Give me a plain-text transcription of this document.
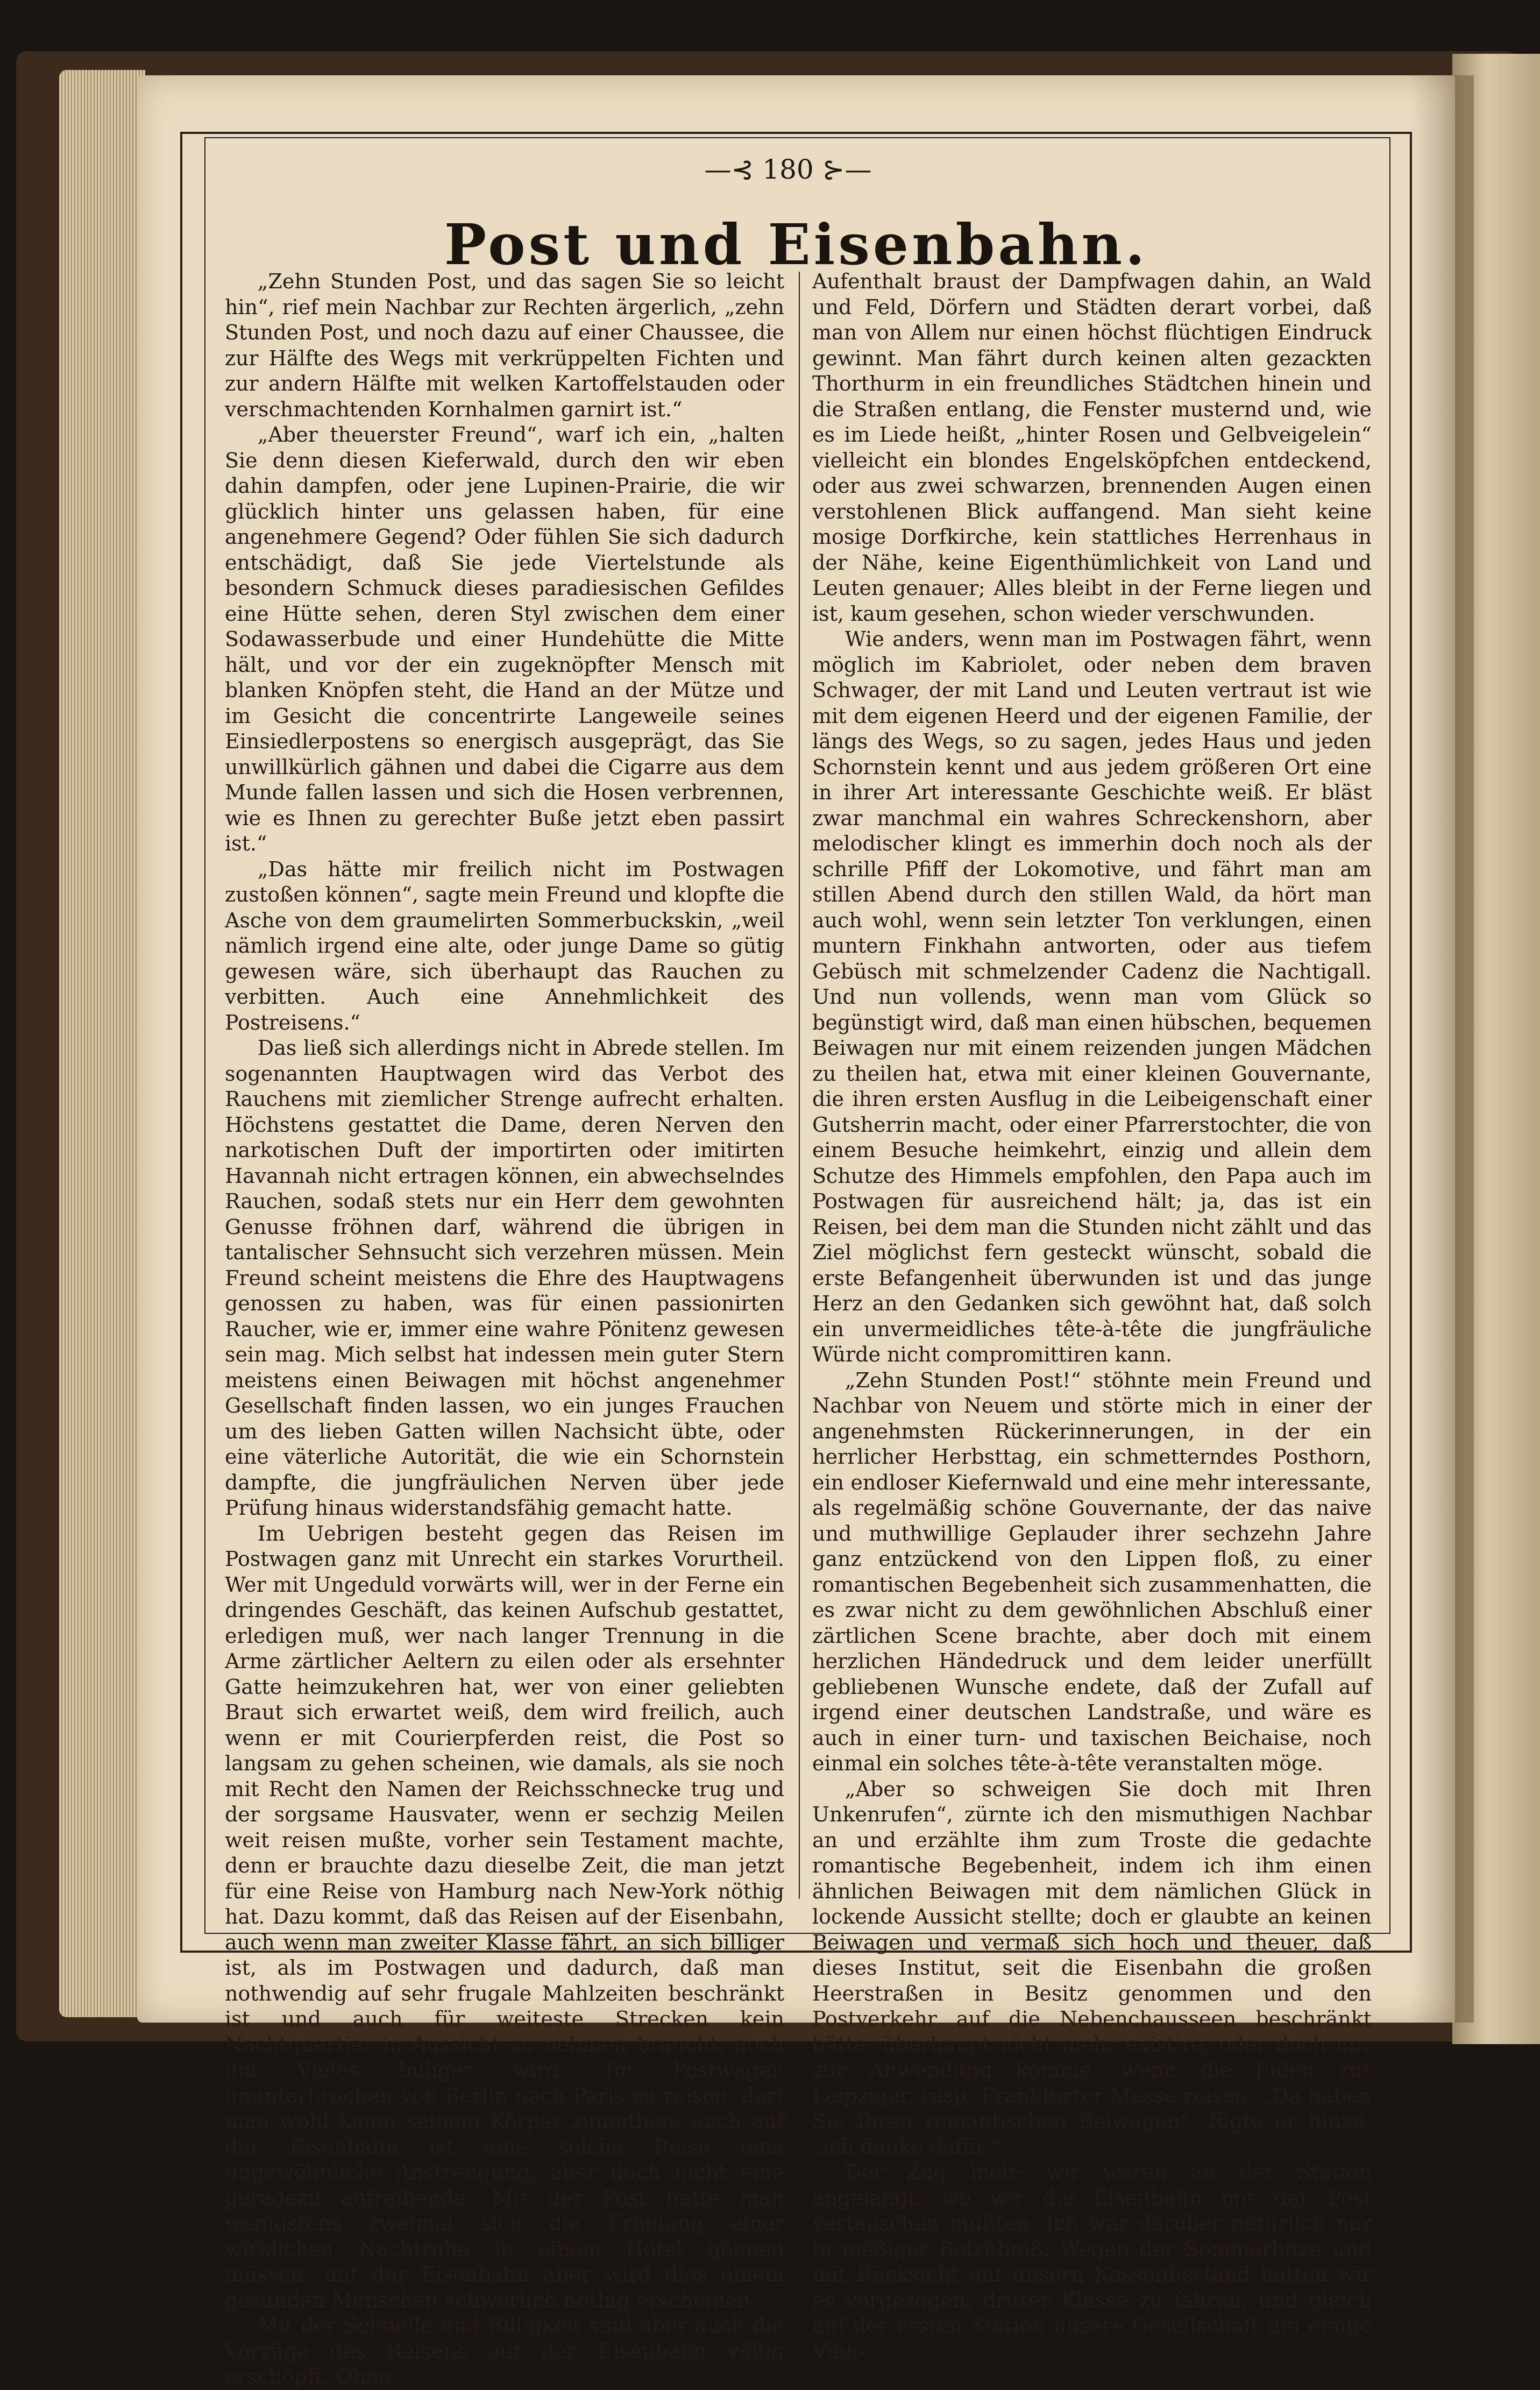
—⊰ 180 ⊱—
Post und Eisenbahn.

„Zehn Stunden Post, und das sagen Sie so leicht hin“, rief mein Nachbar zur Rechten ärgerlich, „zehn Stunden Post, und noch dazu auf einer Chaussee, die zur Hälfte des Wegs mit verkrüppelten Fichten und zur andern Hälfte mit welken Kartoffelstauden oder verschmachtenden Kornhalmen garnirt ist.“

„Aber theuerster Freund“, warf ich ein, „halten Sie denn diesen Kieferwald, durch den wir eben dahin dampfen, oder jene Lupinen-Prairie, die wir glücklich hinter uns gelassen haben, für eine angenehmere Gegend? Oder fühlen Sie sich dadurch entschädigt, daß Sie jede Viertelstunde als besondern Schmuck dieses paradiesischen Gefildes eine Hütte sehen, deren Styl zwischen dem einer Sodawasserbude und einer Hundehütte die Mitte hält, und vor der ein zugeknöpfter Mensch mit blanken Knöpfen steht, die Hand an der Mütze und im Gesicht die concentrirte Langeweile seines Einsiedlerpostens so energisch ausgeprägt, das Sie unwillkürlich gähnen und dabei die Cigarre aus dem Munde fallen lassen und sich die Hosen verbrennen, wie es Ihnen zu gerechter Buße jetzt eben passirt ist.“

„Das hätte mir freilich nicht im Postwagen zustoßen können“, sagte mein Freund und klopfte die Asche von dem graumelirten Sommerbuckskin, „weil nämlich irgend eine alte, oder junge Dame so gütig gewesen wäre, sich überhaupt das Rauchen zu verbitten. Auch eine Annehmlichkeit des Postreisens.“

Das ließ sich allerdings nicht in Abrede stellen. Im sogenannten Hauptwagen wird das Verbot des Rauchens mit ziemlicher Strenge aufrecht erhalten. Höchstens gestattet die Dame, deren Nerven den narkotischen Duft der importirten oder imitirten Havannah nicht ertragen können, ein abwechselndes Rauchen, sodaß stets nur ein Herr dem gewohnten Genusse fröhnen darf, während die übrigen in tantalischer Sehnsucht sich verzehren müssen. Mein Freund scheint meistens die Ehre des Hauptwagens genossen zu haben, was für einen passionirten Raucher, wie er, immer eine wahre Pönitenz gewesen sein mag. Mich selbst hat indessen mein guter Stern meistens einen Beiwagen mit höchst angenehmer Gesellschaft finden lassen, wo ein junges Frauchen um des lieben Gatten willen Nachsicht übte, oder eine väterliche Autorität, die wie ein Schornstein dampfte, die jungfräulichen Nerven über jede Prüfung hinaus widerstandsfähig gemacht hatte.

Im Uebrigen besteht gegen das Reisen im Postwagen ganz mit Unrecht ein starkes Vorurtheil. Wer mit Ungeduld vorwärts will, wer in der Ferne ein dringendes Geschäft, das keinen Aufschub gestattet, erledigen muß, wer nach langer Trennung in die Arme zärtlicher Aeltern zu eilen oder als ersehnter Gatte heimzukehren hat, wer von einer geliebten Braut sich erwartet weiß, dem wird freilich, auch wenn er mit Courierpferden reist, die Post so langsam zu gehen scheinen, wie damals, als sie noch mit Recht den Namen der Reichsschnecke trug und der sorgsame Hausvater, wenn er sechzig Meilen weit reisen mußte, vorher sein Testament machte, denn er brauchte dazu dieselbe Zeit, die man jetzt für eine Reise von Hamburg nach New-York nöthig hat. Dazu kommt, daß das Reisen auf der Eisenbahn, auch wenn man zweiter Klasse fährt, an sich billiger ist, als im Postwagen und dadurch, daß man nothwendig auf sehr frugale Mahlzeiten beschränkt ist und auch für weiteste Strecken kein Nachtquartier in Aussicht zu nehmen braucht, noch um Vieles billiger wird. Im Postwagen ununterbrochen von Berlin nach Paris zu reisen, darf man wohl kaum seinem Körper zumuthen; auch auf der Eisenbahn ist eine solche Reise eine ungewöhnliche Anstrengung, aber doch nicht eine geradezu aufreibende. Mit der Post hätte man wenigstens zweimal sich die Erholung einer wirklichen Nachtruhe in einem Hotel gönnen müssen, mit der Eisenbahn aber wird dies einem gesunden Menschen schwerlich nöthig erscheinen.

Mit der Schnelle und Billigkeit sind aber auch die Vorzüge des Reisens auf der Eisenbahn völlig erschöpft. Ohne

Aufenthalt braust der Dampfwagen dahin, an Wald und Feld, Dörfern und Städten derart vorbei, daß man von Allem nur einen höchst flüchtigen Eindruck gewinnt. Man fährt durch keinen alten gezackten Thorthurm in ein freundliches Städtchen hinein und die Straßen entlang, die Fenster musternd und, wie es im Liede heißt, „hinter Rosen und Gelbveigelein“ vielleicht ein blondes Engelsköpfchen entdeckend, oder aus zwei schwarzen, brennenden Augen einen verstohlenen Blick auffangend. Man sieht keine mosige Dorfkirche, kein stattliches Herrenhaus in der Nähe, keine Eigenthümlichkeit von Land und Leuten genauer; Alles bleibt in der Ferne liegen und ist, kaum gesehen, schon wieder verschwunden.

Wie anders, wenn man im Postwagen fährt, wenn möglich im Kabriolet, oder neben dem braven Schwager, der mit Land und Leuten vertraut ist wie mit dem eigenen Heerd und der eigenen Familie, der längs des Wegs, so zu sagen, jedes Haus und jeden Schornstein kennt und aus jedem größeren Ort eine in ihrer Art interessante Geschichte weiß. Er bläst zwar manchmal ein wahres Schreckenshorn, aber melodischer klingt es immerhin doch noch als der schrille Pfiff der Lokomotive, und fährt man am stillen Abend durch den stillen Wald, da hört man auch wohl, wenn sein letzter Ton verklungen, einen muntern Finkhahn antworten, oder aus tiefem Gebüsch mit schmelzender Cadenz die Nachtigall. Und nun vollends, wenn man vom Glück so begünstigt wird, daß man einen hübschen, bequemen Beiwagen nur mit einem reizenden jungen Mädchen zu theilen hat, etwa mit einer kleinen Gouvernante, die ihren ersten Ausflug in die Leibeigenschaft einer Gutsherrin macht, oder einer Pfarrerstochter, die von einem Besuche heimkehrt, einzig und allein dem Schutze des Himmels empfohlen, den Papa auch im Postwagen für ausreichend hält; ja, das ist ein Reisen, bei dem man die Stunden nicht zählt und das Ziel möglichst fern gesteckt wünscht, sobald die erste Befangenheit überwunden ist und das junge Herz an den Gedanken sich gewöhnt hat, daß solch ein unvermeidliches tête-à-tête die jungfräuliche Würde nicht compromittiren kann.

„Zehn Stunden Post!“ stöhnte mein Freund und Nachbar von Neuem und störte mich in einer der angenehmsten Rückerinnerungen, in der ein herrlicher Herbsttag, ein schmetterndes Posthorn, ein endloser Kiefernwald und eine mehr interessante, als regelmäßig schöne Gouvernante, der das naive und muthwillige Geplauder ihrer sechzehn Jahre ganz entzückend von den Lippen floß, zu einer romantischen Begebenheit sich zusammenhatten, die es zwar nicht zu dem gewöhnlichen Abschluß einer zärtlichen Scene brachte, aber doch mit einem herzlichen Händedruck und dem leider unerfüllt gebliebenen Wunsche endete, daß der Zufall auf irgend einer deutschen Landstraße, und wäre es auch in einer turn- und taxischen Beichaise, noch einmal ein solches tête-à-tête veranstalten möge.

„Aber so schweigen Sie doch mit Ihren Unkenrufen“, zürnte ich den mismuthigen Nachbar an und erzählte ihm zum Troste die gedachte romantische Begebenheit, indem ich ihm einen ähnlichen Beiwagen mit dem nämlichen Glück in lockende Aussicht stellte; doch er glaubte an keinen Beiwagen und vermaß sich hoch und theuer, daß dieses Institut, seit die Eisenbahn die großen Heerstraßen in Besitz genommen und den Postverkehr auf die Nebenchausseen beschränkt hätte, überhaupt nicht mehr existire, oder doch nur zur Anwendung komme, wenn die Juden zur Leipziger, resp. Frankfurter Messe reisen. „Da haben Sie Ihren romantischen Beiwagen“, fügte er hinzu, „ich danke dafür.“

Der Zug hielt; wir waren an der Station angelangt, wo wir die Eisenbahn mit der Post vertauschen mußten. Ich war darüber natürlich nur in mäßiger Betrübniß. Wegen der Sommerhitze und mit Rücksicht auf unsern Kassenbestand hatten wir es vorgezogen, dritter Klasse zu fahren, und gleich auf der ersten Station unsere Gesellschaft um einige Vieh-
